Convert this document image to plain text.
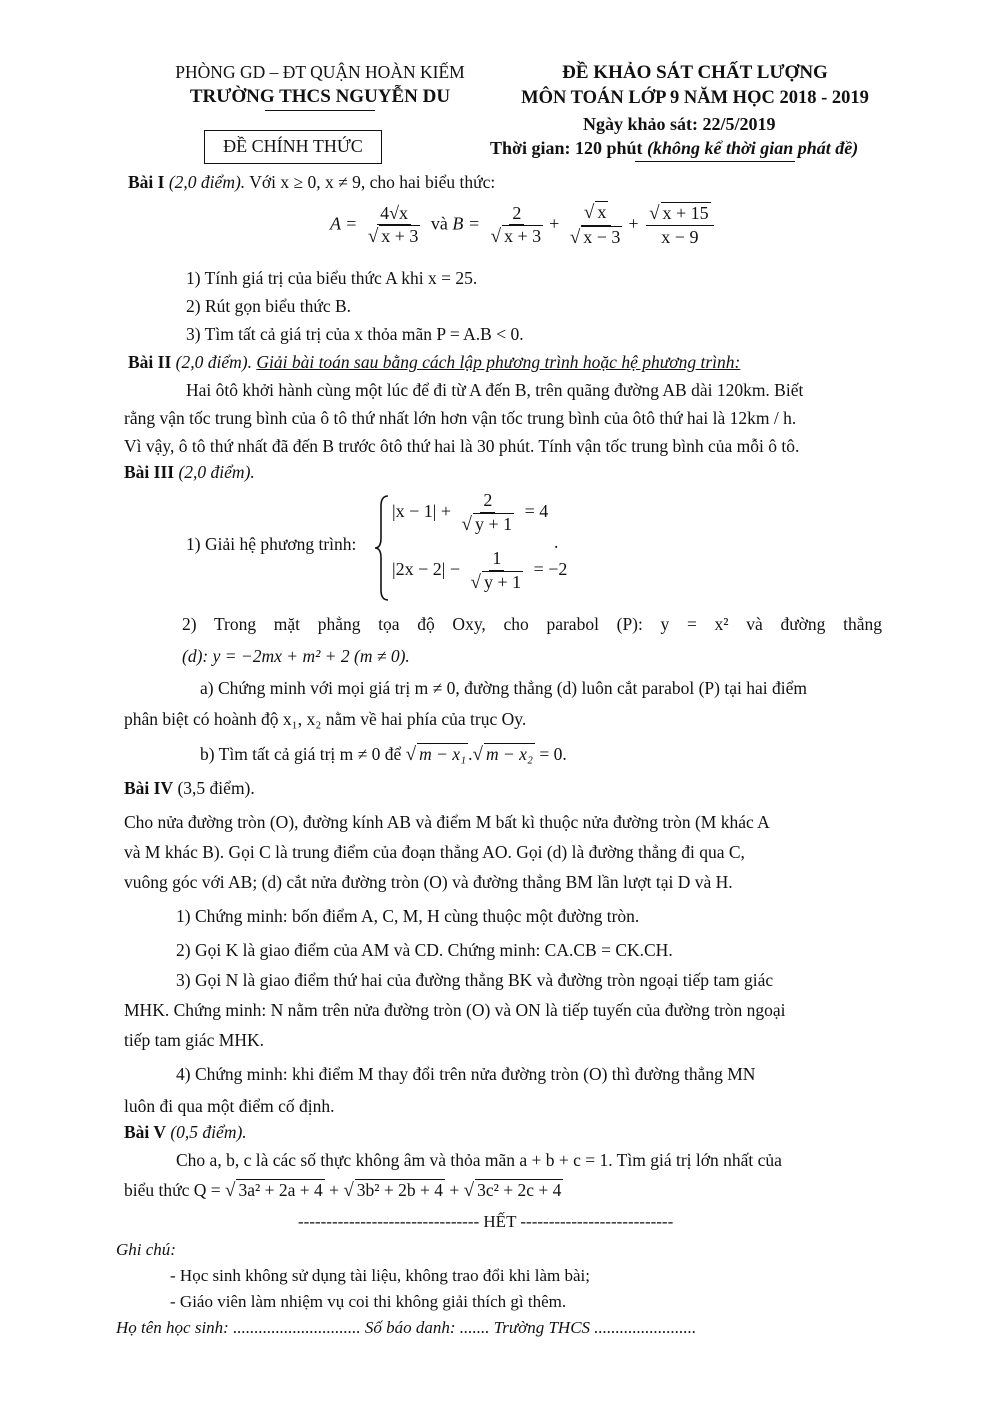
PHÒNG GD – ĐT QUẬN HOÀN KIẾM
TRƯỜNG THCS NGUYỄN DU
ĐỀ KHẢO SÁT CHẤT LƯỢNG
MÔN TOÁN LỚP 9 NĂM HỌC 2018 - 2019
Ngày khảo sát: 22/5/2019
Thời gian: 120 phút (không kể thời gian phát đề)
ĐỀ CHÍNH THỨC
Bài I (2,0 điểm). Với x ≥ 0, x ≠ 9, cho hai biểu thức:
$A = \frac{4√x}{√ x + 3}$ và $B = \frac{2}{√ x + 3} + \frac{√ x}{√ x - 3} + \frac{√ x + 15}{x - 9}$
1) Tính giá trị của biểu thức A khi x = 25.
2) Rút gọn biểu thức B.
3) Tìm tất cả giá trị của x thỏa mãn P = A.B < 0.
Bài II (2,0 điểm). Giải bài toán sau bằng cách lập phương trình hoặc hệ phương trình:
Hai ôtô khởi hành cùng một lúc để đi từ A đến B, trên quãng đường AB dài 120km. Biết
rằng vận tốc trung bình của ô tô thứ nhất lớn hơn vận tốc trung bình của ôtô thứ hai là 12km / h.
Vì vậy, ô tô thứ nhất đã đến B trước ôtô thứ hai là 30 phút. Tính vận tốc trung bình của mỗi ô tô.
Bài III (2,0 điểm).
1) Giải hệ phương trình:
$|x - 1| + \frac{2}{√ y + 1} = 4$
$|2x - 2| - \frac{1}{√ y + 1} = -2$
.
2) Trong mặt phẳng tọa độ Oxy, cho parabol (P): y = x² và đường thẳng
(d): y = −2mx + m² + 2 (m ≠ 0).
a) Chứng minh với mọi giá trị m ≠ 0, đường thẳng (d) luôn cắt parabol (P) tại hai điểm
phân biệt có hoành độ x₁, x₂ nằm về hai phía của trục Oy.
b) Tìm tất cả giá trị m ≠ 0 để √ m − x₁ .√ m − x₂ = 0.
Bài IV (3,5 điểm).
Cho nửa đường tròn (O), đường kính AB và điểm M bất kì thuộc nửa đường tròn (M khác A
và M khác B). Gọi C là trung điểm của đoạn thẳng AO. Gọi (d) là đường thẳng đi qua C,
vuông góc với AB; (d) cắt nửa đường tròn (O) và đường thẳng BM lần lượt tại D và H.
1) Chứng minh: bốn điểm A, C, M, H cùng thuộc một đường tròn.
2) Gọi K là giao điểm của AM và CD. Chứng minh: CA.CB = CK.CH.
3) Gọi N là giao điểm thứ hai của đường thẳng BK và đường tròn ngoại tiếp tam giác
MHK. Chứng minh: N nằm trên nửa đường tròn (O) và ON là tiếp tuyến của đường tròn ngoại
tiếp tam giác MHK.
4) Chứng minh: khi điểm M thay đổi trên nửa đường tròn (O) thì đường thẳng MN
luôn đi qua một điểm cố định.
Bài V (0,5 điểm).
Cho a, b, c là các số thực không âm và thỏa mãn a + b + c = 1. Tìm giá trị lớn nhất của
biểu thức Q = √ 3a² + 2a + 4 + √ 3b² + 2b + 4 + √ 3c² + 2c + 4
-------------------------------- HẾT ---------------------------
Ghi chú:
- Học sinh không sử dụng tài liệu, không trao đổi khi làm bài;
- Giáo viên làm nhiệm vụ coi thi không giải thích gì thêm.
Họ tên học sinh: .............................. Số báo danh: ....... Trường THCS ........................
